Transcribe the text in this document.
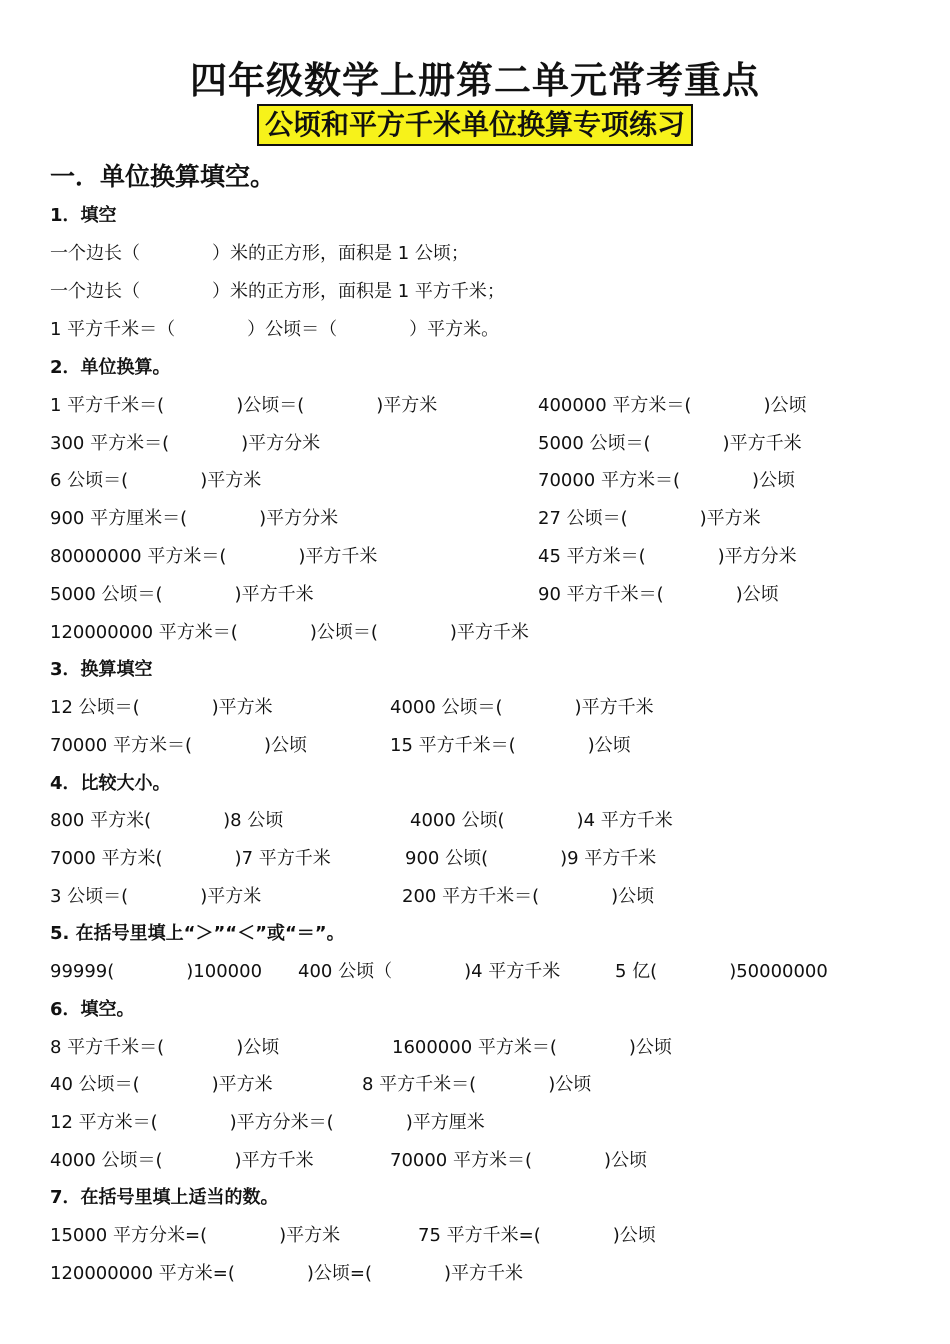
四年级数学上册第二单元常考重点
公顷和平方千米单位换算专项练习
一．单位换算填空。
1．填空
一个边长（　　　　）米的正方形，面积是 1 公顷；
一个边长（　　　　）米的正方形，面积是 1 平方千米；
1 平方千米＝（　　　　）公顷＝（　　　　）平方米。
2．单位换算。
1 平方千米＝(　　　　)公顷＝(　　　　)平方米
300 平方米＝(　　　　)平方分米
6 公顷＝(　　　　)平方米
900 平方厘米＝(　　　　)平方分米
80000000 平方米＝(　　　　)平方千米
5000 公顷＝(　　　　)平方千米
120000000 平方米＝(　　　　)公顷＝(　　　　)平方千米
400000 平方米＝(　　　　)公顷
5000 公顷＝(　　　　)平方千米
70000 平方米＝(　　　　)公顷
27 公顷＝(　　　　)平方米
45 平方米＝(　　　　)平方分米
90 平方千米＝(　　　　)公顷
3．换算填空
12 公顷＝(　　　　)平方米
70000 平方米＝(　　　　)公顷
4000 公顷＝(　　　　)平方千米
15 平方千米＝(　　　　)公顷
4．比较大小。
800 平方米(　　　　)8 公顷
7000 平方米(　　　　)7 平方千米
3 公顷＝(　　　　)平方米
4000 公顷(　　　　)4 平方千米
900 公顷(　　　　)9 平方千米
200 平方千米＝(　　　　)公顷
5. 在括号里填上“＞”“＜”或“＝”。
99999(　　　　)100000 400 公顷（　　　　)4 平方千米	5 亿(　　　　)50000000
6．填空。
8 平方千米＝(　　　　)公顷
40 公顷＝(　　　　)平方米
12 平方米＝(　　　　)平方分米＝(　　　　)平方厘米
4000 公顷＝(　　　　)平方千米
1600000 平方米＝(　　　　)公顷
8 平方千米＝(　　　　)公顷
70000 平方米＝(　　　　)公顷
7．在括号里填上适当的数。
15000 平方分米=(　　　　)平方米
120000000 平方米=(　　　　)公顷=(　　　　)平方千米
75 平方千米=(　　　　)公顷
